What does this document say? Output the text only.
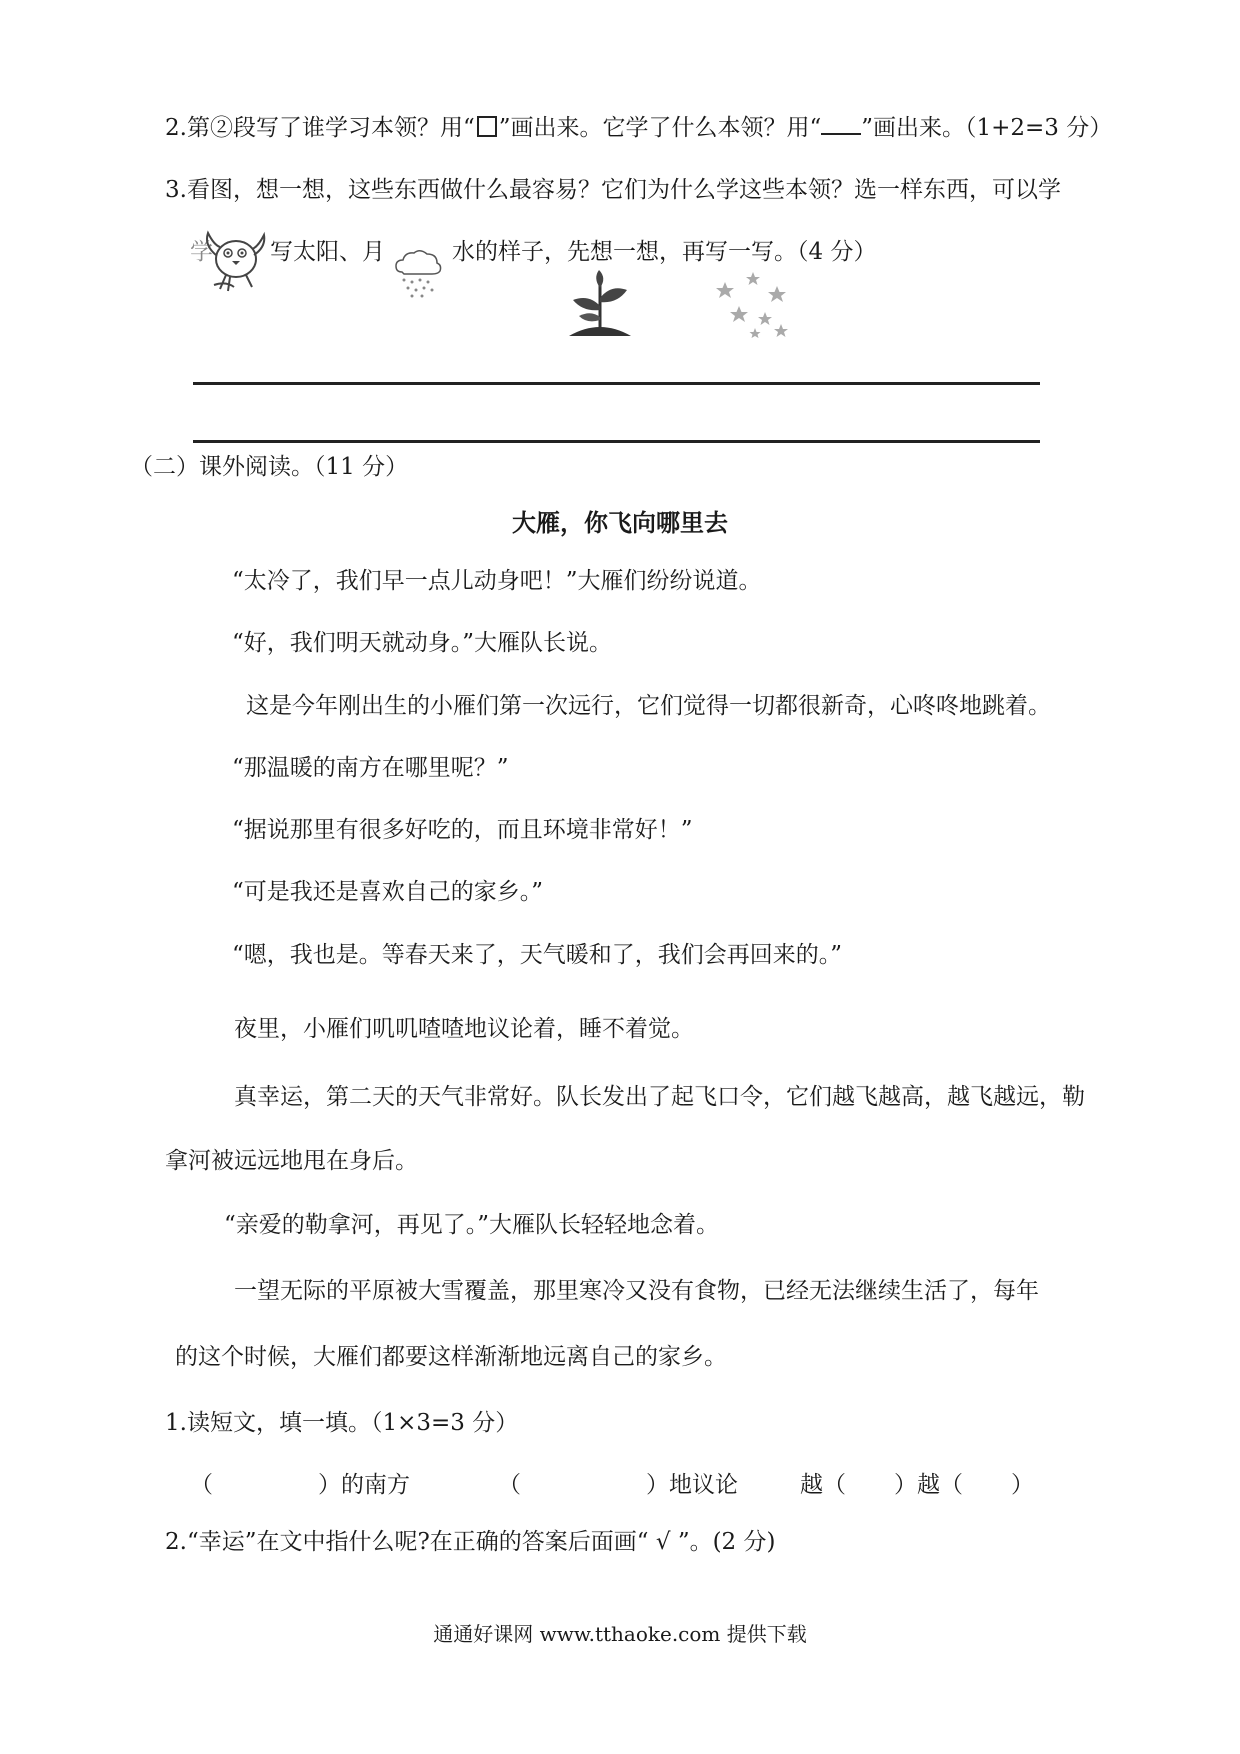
2.第②段写了谁学习本领？用“ ”画出来。它学了什么本领？用“ ”画出来。（1+2=3 分）
3.看图，想一想，这些东西做什么最容易？它们为什么学这些本领？选一样东西，可以学
学 写太阳、月	水的样子，先想一想，再写一写。（4 分）
（二）课外阅读。（11 分）
大雁，你飞向哪里去
“太冷了，我们早一点儿动身吧！”大雁们纷纷说道。
“好，我们明天就动身。”大雁队长说。
这是今年刚出生的小雁们第一次远行，它们觉得一切都很新奇，心咚咚地跳着。
“那温暖的南方在哪里呢？”
“据说那里有很多好吃的，而且环境非常好！”
“可是我还是喜欢自己的家乡。”
“嗯，我也是。等春天来了，天气暖和了，我们会再回来的。”
夜里，小雁们叽叽喳喳地议论着，睡不着觉。
真幸运，第二天的天气非常好。队长发出了起飞口令，它们越飞越高，越飞越远，勒
拿河被远远地甩在身后。
“亲爱的勒拿河，再见了。”大雁队长轻轻地念着。
一望无际的平原被大雪覆盖，那里寒冷又没有食物，已经无法继续生活了，每年
的这个时候，大雁们都要这样渐渐地远离自己的家乡。
1.读短文，填一填。（1×3=3 分）
（	）的南方	（	）地议论	越（ ）越（ ）
2.“幸运”在文中指什么呢?在正确的答案后面画“ √ ”。(2 分)
通通好课网 www.tthaoke.com 提供下载
